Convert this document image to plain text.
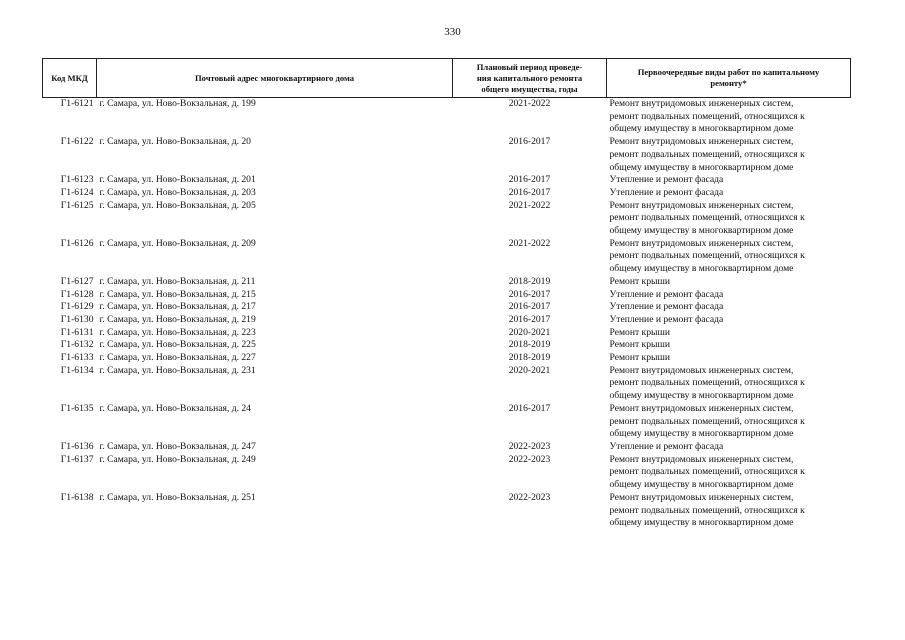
330
Код МКД	Почтовый адрес многоквартирного дома	Плановый период проведе-
ния капитального ремонта
общего имущества, годы	Первоочередные виды работ по капитальному
ремонту*

Г1-6121	г. Самара, ул. Ново-Вокзальная, д. 199	2021-2022	Ремонт внутридомовых инженерных систем,
ремонт подвальных помещений, относящихся к
общему имуществу в многоквартирном доме

Г1-6122	г. Самара, ул. Ново-Вокзальная, д. 20	2016-2017	Ремонт внутридомовых инженерных систем,
ремонт подвальных помещений, относящихся к
общему имуществу в многоквартирном доме

Г1-6123	г. Самара, ул. Ново-Вокзальная, д. 201	2016-2017	Утепление и ремонт фасада

Г1-6124	г. Самара, ул. Ново-Вокзальная, д. 203	2016-2017	Утепление и ремонт фасада

Г1-6125	г. Самара, ул. Ново-Вокзальная, д. 205	2021-2022	Ремонт внутридомовых инженерных систем,
ремонт подвальных помещений, относящихся к
общему имуществу в многоквартирном доме

Г1-6126	г. Самара, ул. Ново-Вокзальная, д. 209	2021-2022	Ремонт внутридомовых инженерных систем,
ремонт подвальных помещений, относящихся к
общему имуществу в многоквартирном доме

Г1-6127	г. Самара, ул. Ново-Вокзальная, д. 211	2018-2019	Ремонт крыши

Г1-6128	г. Самара, ул. Ново-Вокзальная, д. 215	2016-2017	Утепление и ремонт фасада

Г1-6129	г. Самара, ул. Ново-Вокзальная, д. 217	2016-2017	Утепление и ремонт фасада

Г1-6130	г. Самара, ул. Ново-Вокзальная, д. 219	2016-2017	Утепление и ремонт фасада

Г1-6131	г. Самара, ул. Ново-Вокзальная, д. 223	2020-2021	Ремонт крыши

Г1-6132	г. Самара, ул. Ново-Вокзальная, д. 225	2018-2019	Ремонт крыши

Г1-6133	г. Самара, ул. Ново-Вокзальная, д. 227	2018-2019	Ремонт крыши

Г1-6134	г. Самара, ул. Ново-Вокзальная, д. 231	2020-2021	Ремонт внутридомовых инженерных систем,
ремонт подвальных помещений, относящихся к
общему имуществу в многоквартирном доме

Г1-6135	г. Самара, ул. Ново-Вокзальная, д. 24	2016-2017	Ремонт внутридомовых инженерных систем,
ремонт подвальных помещений, относящихся к
общему имуществу в многоквартирном доме

Г1-6136	г. Самара, ул. Ново-Вокзальная, д. 247	2022-2023	Утепление и ремонт фасада

Г1-6137	г. Самара, ул. Ново-Вокзальная, д. 249	2022-2023	Ремонт внутридомовых инженерных систем,
ремонт подвальных помещений, относящихся к
общему имуществу в многоквартирном доме

Г1-6138	г. Самара, ул. Ново-Вокзальная, д. 251	2022-2023	Ремонт внутридомовых инженерных систем,
ремонт подвальных помещений, относящихся к
общему имуществу в многоквартирном доме
